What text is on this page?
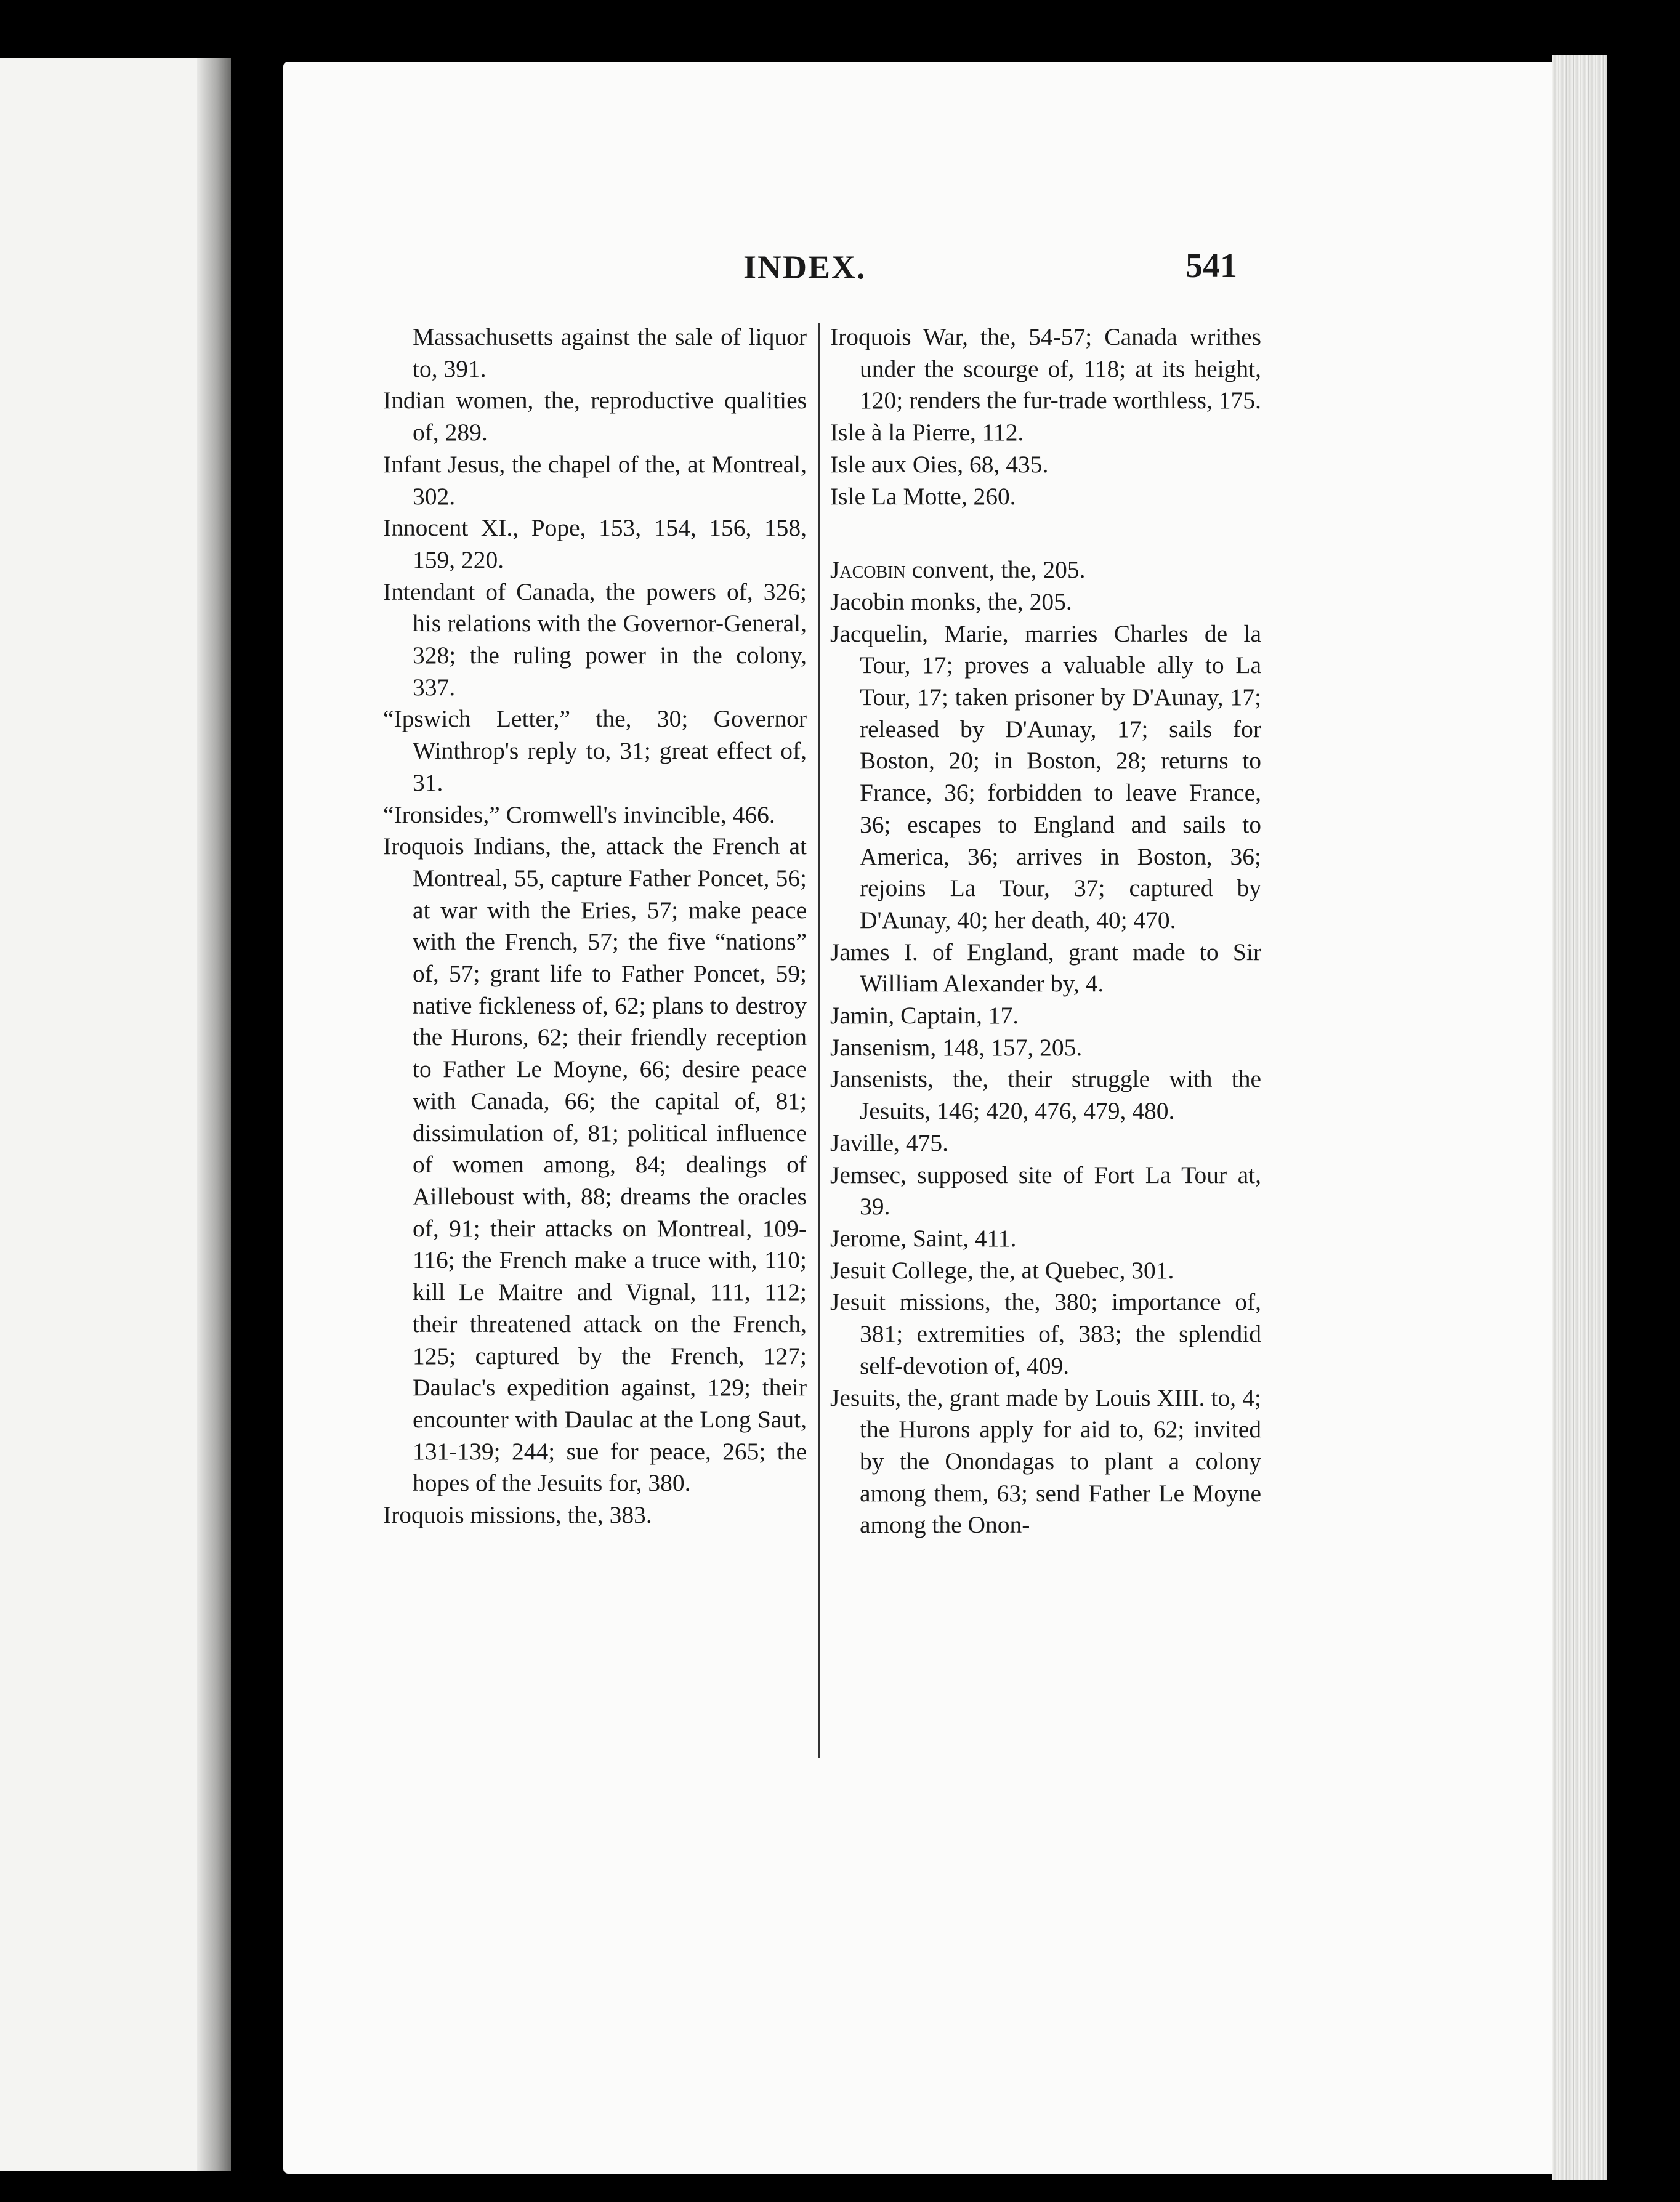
INDEX.	541

Massachusetts against the sale of liquor to, 391.

Indian women, the, reproductive qualities of, 289.

Infant Jesus, the chapel of the, at Montreal, 302.

Innocent XI., Pope, 153, 154, 156, 158, 159, 220.

Intendant of Canada, the powers of, 326; his relations with the Governor-General, 328; the ruling power in the colony, 337.

“Ipswich Letter,” the, 30; Governor Winthrop's reply to, 31; great effect of, 31.

“Ironsides,” Cromwell's invincible, 466.

Iroquois Indians, the, attack the French at Montreal, 55, capture Father Poncet, 56; at war with the Eries, 57; make peace with the French, 57; the five “nations” of, 57; grant life to Father Poncet, 59; native fickleness of, 62; plans to destroy the Hurons, 62; their friendly reception to Father Le Moyne, 66; desire peace with Canada, 66; the capital of, 81; dissimulation of, 81; political influence of women among, 84; dealings of Ailleboust with, 88; dreams the oracles of, 91; their attacks on Montreal, 109-116; the French make a truce with, 110; kill Le Maitre and Vignal, 111, 112; their threatened attack on the French, 125; captured by the French, 127; Daulac's expedition against, 129; their encounter with Daulac at the Long Saut, 131-139; 244; sue for peace, 265; the hopes of the Jesuits for, 380.

Iroquois missions, the, 383.

Iroquois War, the, 54-57; Canada writhes under the scourge of, 118; at its height, 120; renders the fur-trade worthless, 175.

Isle à la Pierre, 112.

Isle aux Oies, 68, 435.

Isle La Motte, 260.

Jacobin convent, the, 205.

Jacobin monks, the, 205.

Jacquelin, Marie, marries Charles de la Tour, 17; proves a valuable ally to La Tour, 17; taken prisoner by D'Aunay, 17; released by D'Aunay, 17; sails for Boston, 20; in Boston, 28; returns to France, 36; forbidden to leave France, 36; escapes to England and sails to America, 36; arrives in Boston, 36; rejoins La Tour, 37; captured by D'Aunay, 40; her death, 40; 470.

James I. of England, grant made to Sir William Alexander by, 4.

Jamin, Captain, 17.

Jansenism, 148, 157, 205.

Jansenists, the, their struggle with the Jesuits, 146; 420, 476, 479, 480.

Javille, 475.

Jemsec, supposed site of Fort La Tour at, 39.

Jerome, Saint, 411.

Jesuit College, the, at Quebec, 301.

Jesuit missions, the, 380; importance of, 381; extremities of, 383; the splendid self-devotion of, 409.

Jesuits, the, grant made by Louis XIII. to, 4; the Hurons apply for aid to, 62; invited by the Onondagas to plant a colony among them, 63; send Father Le Moyne among the Onon-
